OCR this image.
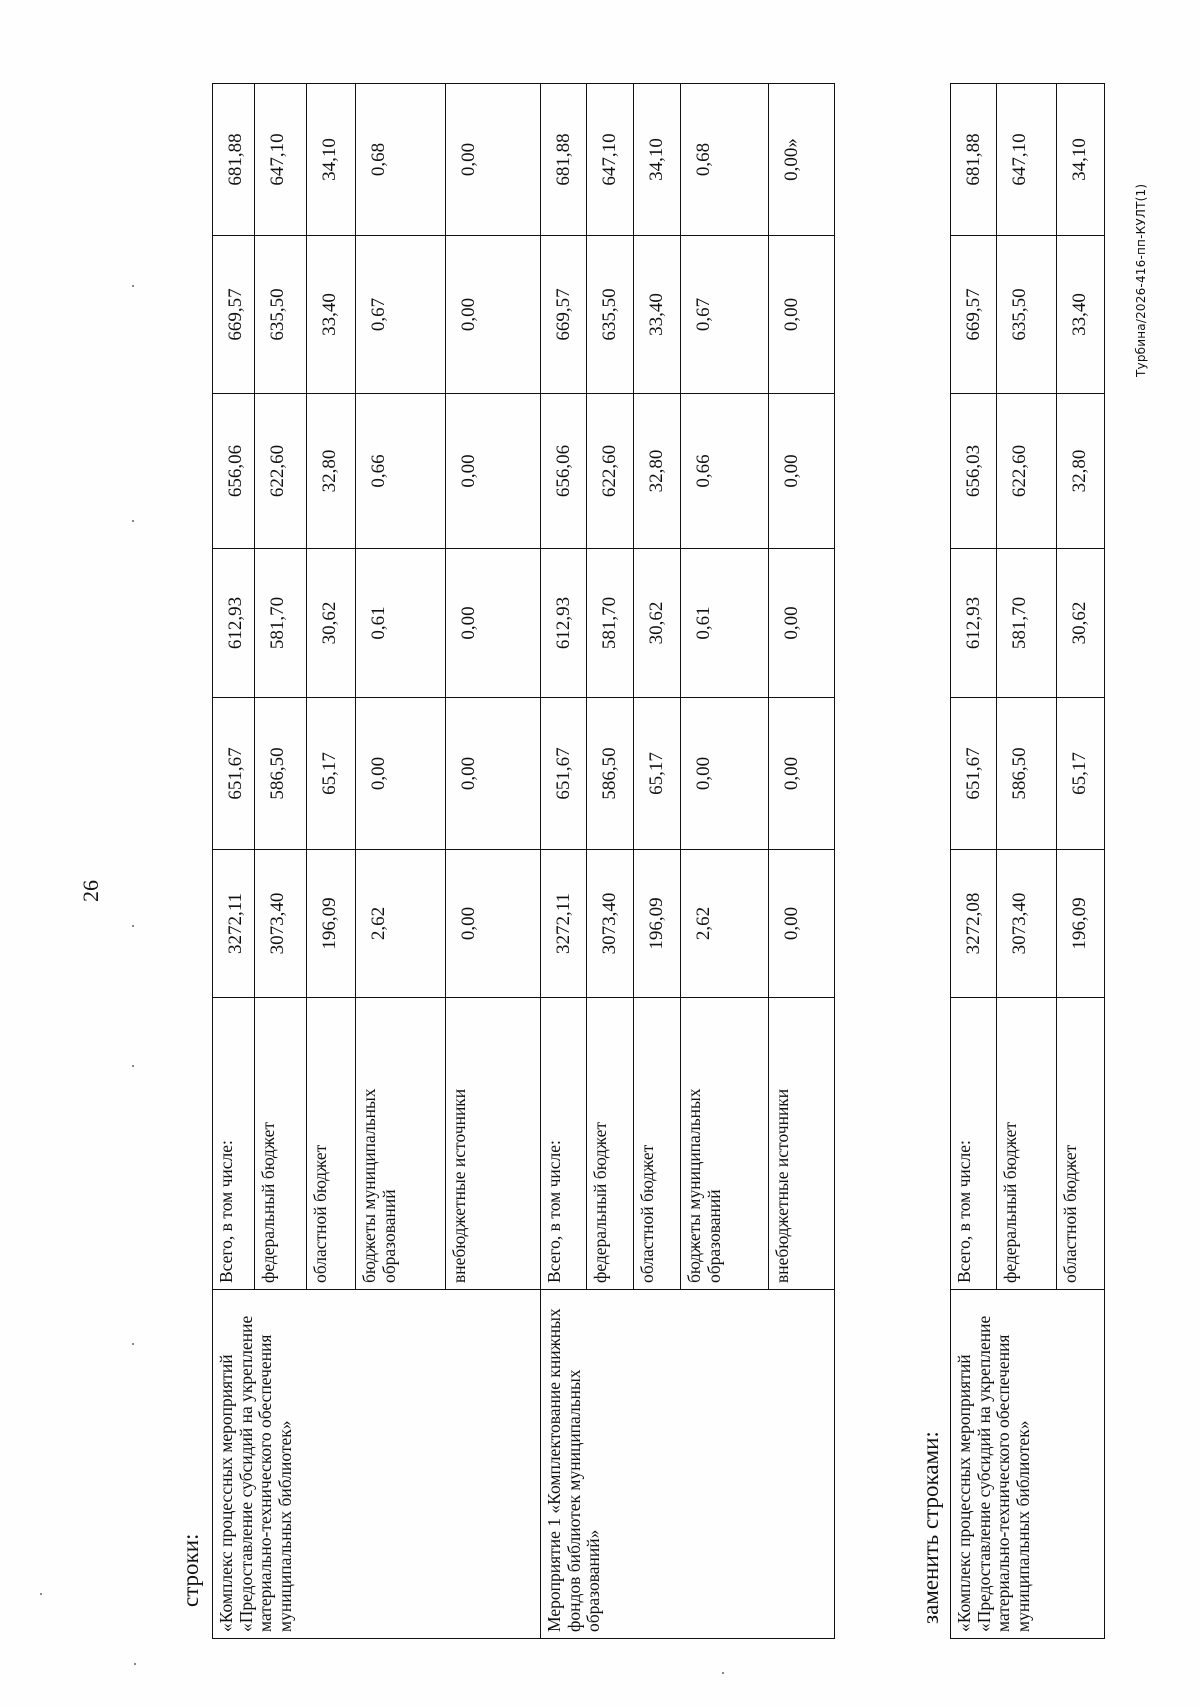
26
строки: «Комплекс процессных мероприятий «Предоставление субсидий на укрепление материально-технического обеспечения муниципальных библиотек»	Всего, в том числе:	3272,11	651,67	612,93	656,06	669,57	681,88
	федеральный бюджет	3073,40	586,50	581,70	622,60	635,50	647,10
	областной бюджет	196,09	65,17	30,62	32,80	33,40	34,10
	бюджеты муниципальных образований	2,62	0,00	0,61	0,66	0,67	0,68
	внебюджетные источники	0,00	0,00	0,00	0,00	0,00	0,00
Мероприятие 1 «Комплектование книжных фондов библиотек муниципальных образований»	Всего, в том числе:	3272,11	651,67	612,93	656,06	669,57	681,88
	федеральный бюджет	3073,40	586,50	581,70	622,60	635,50	647,10
	областной бюджет	196,09	65,17	30,62	32,80	33,40	34,10
	бюджеты муниципальных образований	2,62	0,00	0,61	0,66	0,67	0,68
	внебюджетные источники	0,00	0,00	0,00	0,00	0,00	0,00»
заменить строками: «Комплекс процессных мероприятий «Предоставление субсидий на укрепление материально-технического обеспечения муниципальных библиотек»	Всего, в том числе:	3272,08	651,67	612,93	656,03	669,57	681,88
	федеральный бюджет	3073,40	586,50	581,70	622,60	635,50	647,10
	областной бюджет	196,09	65,17	30,62	32,80	33,40	34,10
Турбина/2026-416-пп-КУЛТ(1)
